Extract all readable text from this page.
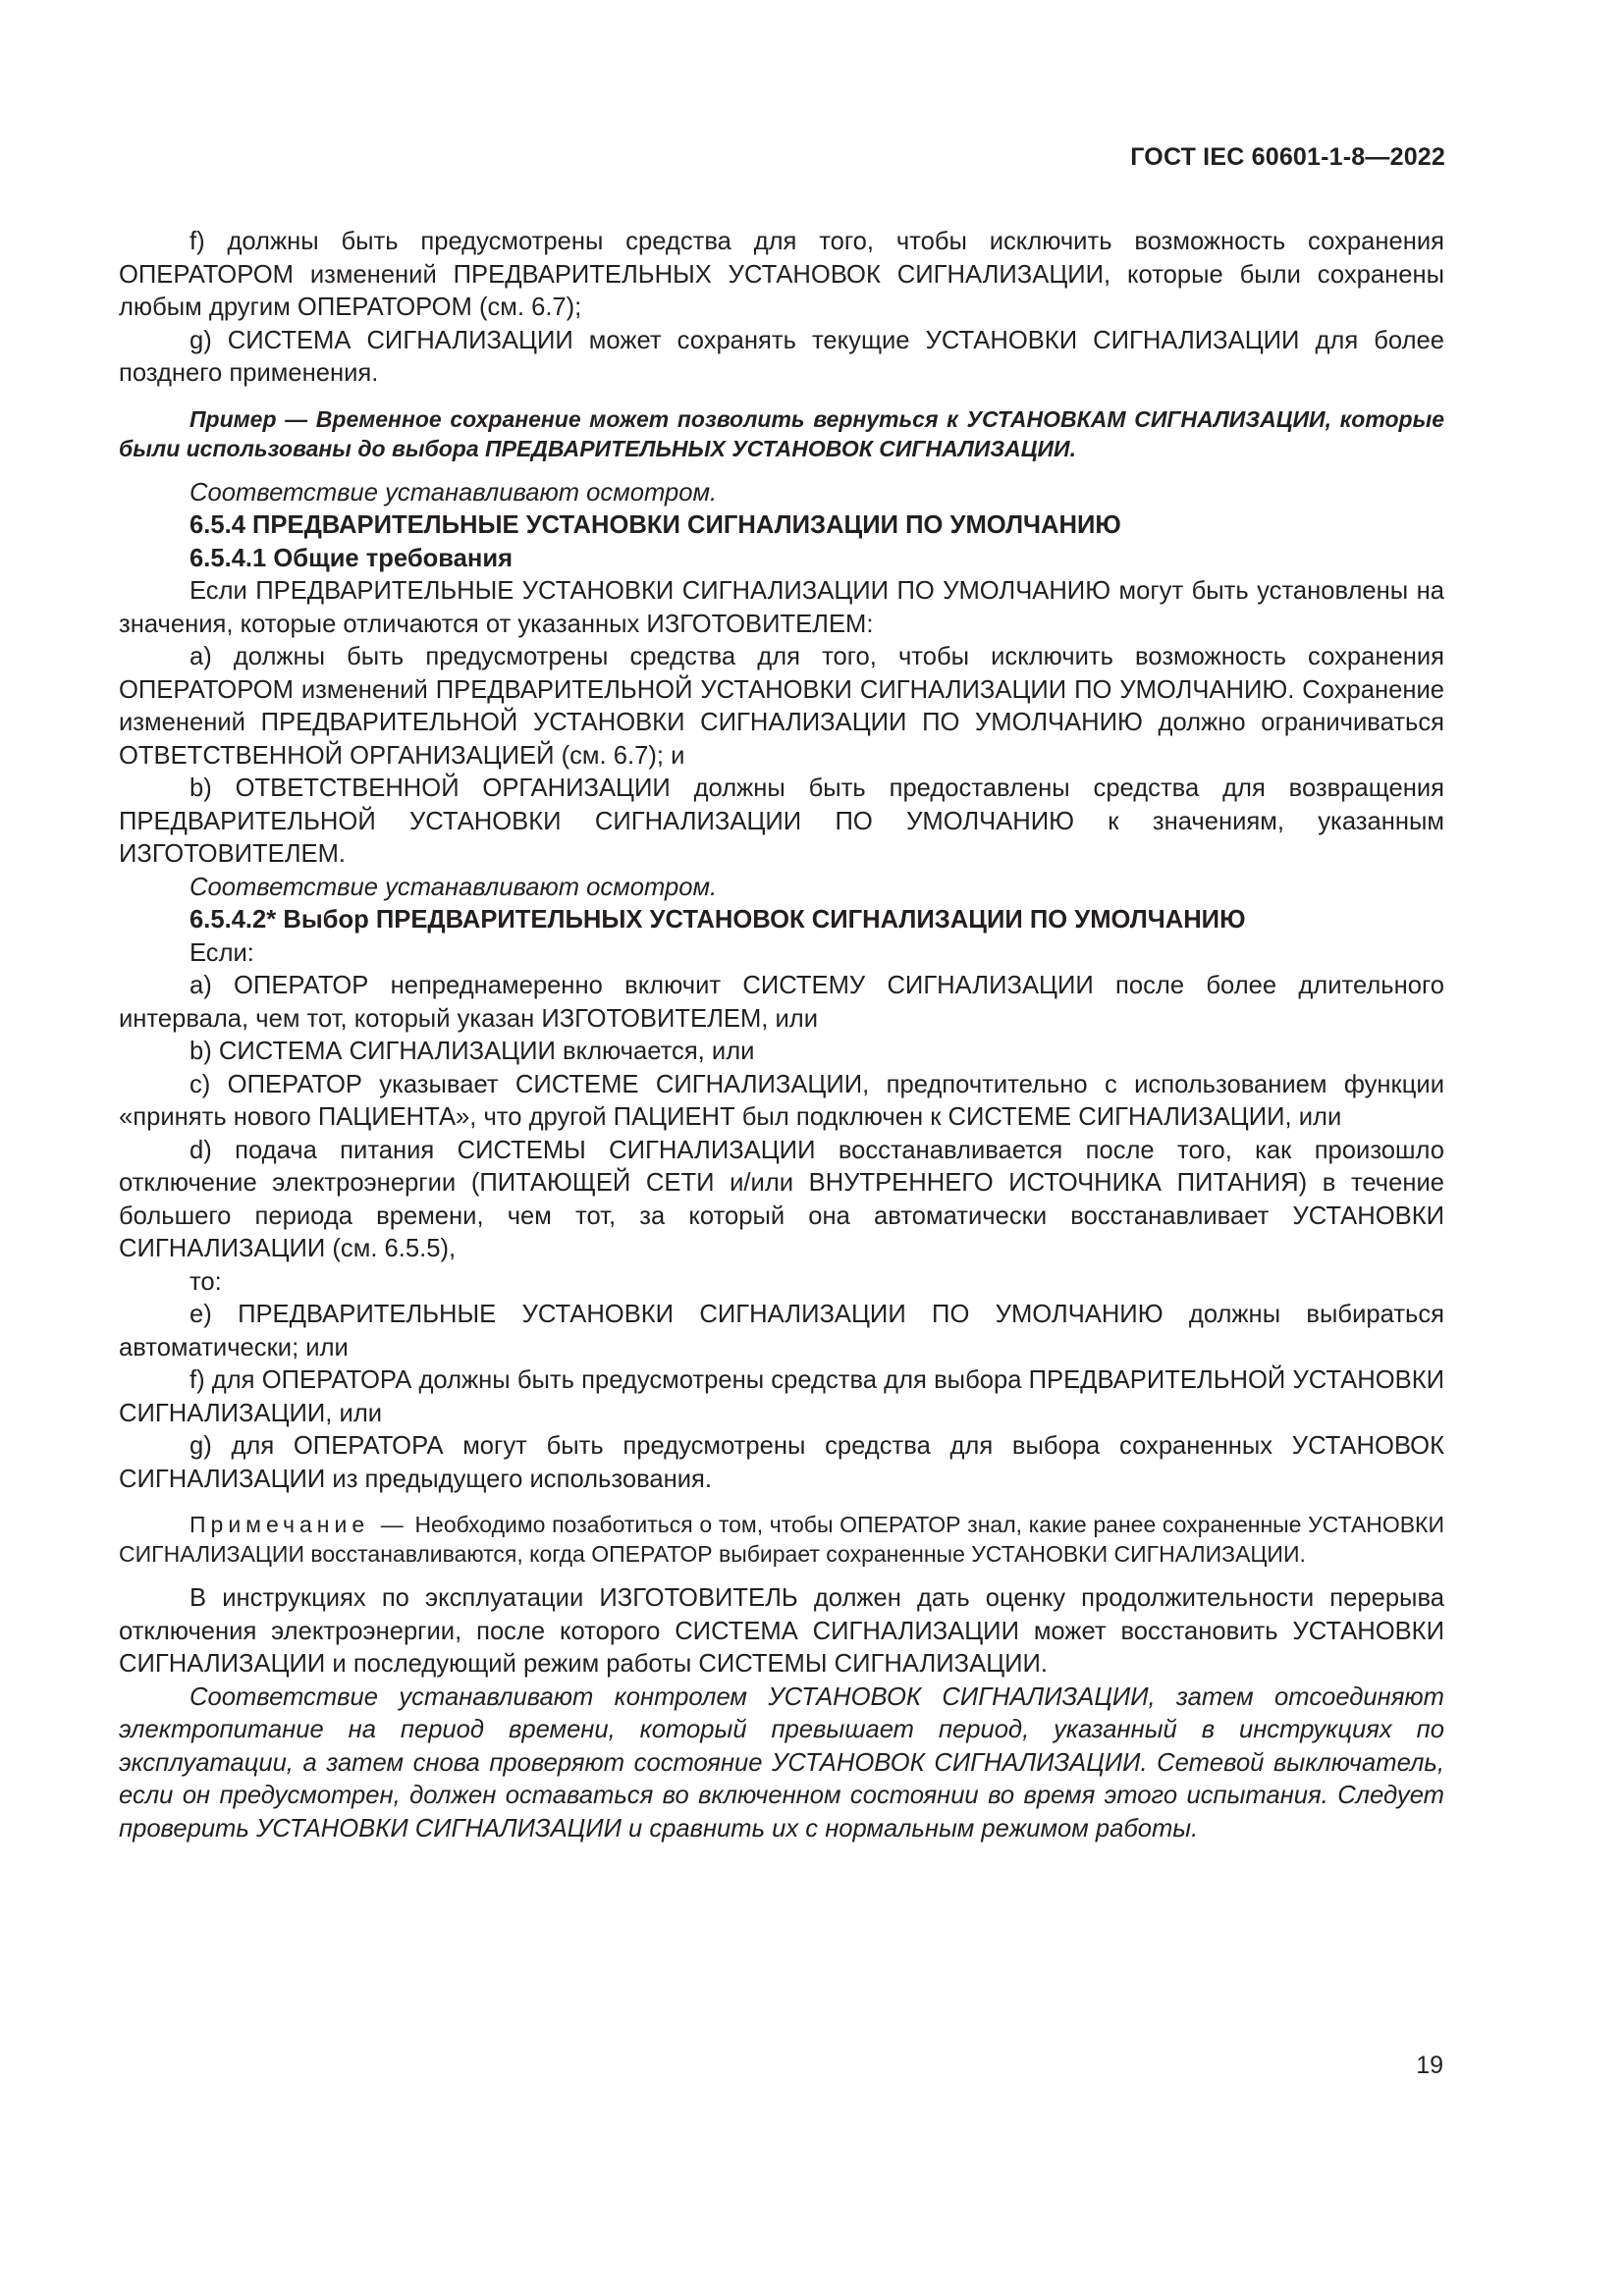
ГОСТ IEC 60601-1-8—2022

f) должны быть предусмотрены средства для того, чтобы исключить возможность сохранения ОПЕРАТОРОМ изменений ПРЕДВАРИТЕЛЬНЫХ УСТАНОВОК СИГНАЛИЗАЦИИ, которые были сохранены любым другим ОПЕРАТОРОМ (см. 6.7);

g) СИСТЕМА СИГНАЛИЗАЦИИ может сохранять текущие УСТАНОВКИ СИГНАЛИЗАЦИИ для более позднего применения.

Пример — Временное сохранение может позволить вернуться к УСТАНОВКАМ СИГНАЛИЗАЦИИ, которые были использованы до выбора ПРЕДВАРИТЕЛЬНЫХ УСТАНОВОК СИГНАЛИЗАЦИИ.

Соответствие устанавливают осмотром.

6.5.4 ПРЕДВАРИТЕЛЬНЫЕ УСТАНОВКИ СИГНАЛИЗАЦИИ ПО УМОЛЧАНИЮ

6.5.4.1 Общие требования

Если ПРЕДВАРИТЕЛЬНЫЕ УСТАНОВКИ СИГНАЛИЗАЦИИ ПО УМОЛЧАНИЮ могут быть установлены на значения, которые отличаются от указанных ИЗГОТОВИТЕЛЕМ:

а) должны быть предусмотрены средства для того, чтобы исключить возможность сохранения ОПЕРАТОРОМ изменений ПРЕДВАРИТЕЛЬНОЙ УСТАНОВКИ СИГНАЛИЗАЦИИ ПО УМОЛЧАНИЮ. Сохранение изменений ПРЕДВАРИТЕЛЬНОЙ УСТАНОВКИ СИГНАЛИЗАЦИИ ПО УМОЛЧАНИЮ должно ограничиваться ОТВЕТСТВЕННОЙ ОРГАНИЗАЦИЕЙ (см. 6.7); и

b) ОТВЕТСТВЕННОЙ ОРГАНИЗАЦИИ должны быть предоставлены средства для возвращения ПРЕДВАРИТЕЛЬНОЙ УСТАНОВКИ СИГНАЛИЗАЦИИ ПО УМОЛЧАНИЮ к значениям, указанным ИЗГОТОВИТЕЛЕМ.

Соответствие устанавливают осмотром.

6.5.4.2* Выбор ПРЕДВАРИТЕЛЬНЫХ УСТАНОВОК СИГНАЛИЗАЦИИ ПО УМОЛЧАНИЮ

Если:

а) ОПЕРАТОР непреднамеренно включит СИСТЕМУ СИГНАЛИЗАЦИИ после более длительного интервала, чем тот, который указан ИЗГОТОВИТЕЛЕМ, или

b) СИСТЕМА СИГНАЛИЗАЦИИ включается, или

с) ОПЕРАТОР указывает СИСТЕМЕ СИГНАЛИЗАЦИИ, предпочтительно с использованием функции «принять нового ПАЦИЕНТА», что другой ПАЦИЕНТ был подключен к СИСТЕМЕ СИГНАЛИЗАЦИИ, или

d) подача питания СИСТЕМЫ СИГНАЛИЗАЦИИ восстанавливается после того, как произошло отключение электроэнергии (ПИТАЮЩЕЙ СЕТИ и/или ВНУТРЕННЕГО ИСТОЧНИКА ПИТАНИЯ) в течение большего периода времени, чем тот, за который она автоматически восстанавливает УСТАНОВКИ СИГНАЛИЗАЦИИ (см. 6.5.5),

то:

е) ПРЕДВАРИТЕЛЬНЫЕ УСТАНОВКИ СИГНАЛИЗАЦИИ ПО УМОЛЧАНИЮ должны выбираться автоматически; или

f) для ОПЕРАТОРА должны быть предусмотрены средства для выбора ПРЕДВАРИТЕЛЬНОЙ УСТАНОВКИ СИГНАЛИЗАЦИИ, или

g) для ОПЕРАТОРА могут быть предусмотрены средства для выбора сохраненных УСТАНОВОК СИГНАЛИЗАЦИИ из предыдущего использования.

Примечание — Необходимо позаботиться о том, чтобы ОПЕРАТОР знал, какие ранее сохраненные УСТАНОВКИ СИГНАЛИЗАЦИИ восстанавливаются, когда ОПЕРАТОР выбирает сохраненные УСТАНОВКИ СИГНАЛИЗАЦИИ.

В инструкциях по эксплуатации ИЗГОТОВИТЕЛЬ должен дать оценку продолжительности перерыва отключения электроэнергии, после которого СИСТЕМА СИГНАЛИЗАЦИИ может восстановить УСТАНОВКИ СИГНАЛИЗАЦИИ и последующий режим работы СИСТЕМЫ СИГНАЛИЗАЦИИ.

Соответствие устанавливают контролем УСТАНОВОК СИГНАЛИЗАЦИИ, затем отсоединяют электропитание на период времени, который превышает период, указанный в инструкциях по эксплуатации, а затем снова проверяют состояние УСТАНОВОК СИГНАЛИЗАЦИИ. Сетевой выключатель, если он предусмотрен, должен оставаться во включенном состоянии во время этого испытания. Следует проверить УСТАНОВКИ СИГНАЛИЗАЦИИ и сравнить их с нормальным режимом работы.

19
